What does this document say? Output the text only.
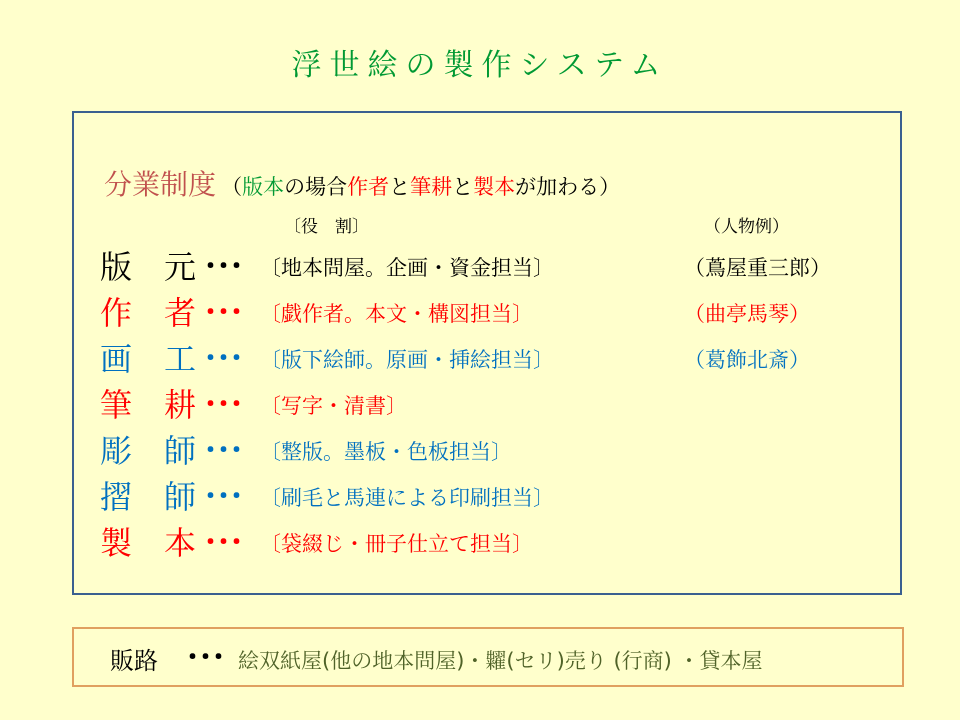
浮世絵の製作システム
分業制度 （版本の場合作者と筆耕と製本が加わる）
〔役　割〕	（人物例）
版　元 ･･･ 〔地本問屋。企画・資金担当〕	（蔦屋重三郎）
作　者 ･･･ 〔戯作者。本文・構図担当〕	（曲亭馬琴）
画　工 ･･･ 〔版下絵師。原画・挿絵担当〕	（葛飾北斎）
筆　耕 ･･･ 〔写字・清書〕
彫　師 ･･･ 〔整版。墨板・色板担当〕
摺　師 ･･･ 〔刷毛と馬連による印刷担当〕
製　本 ･･･ 〔袋綴じ・冊子仕立て担当〕
販路 ･･･ 絵双紙屋(他の地本問屋)・糶(セリ)売り (行商) ・貸本屋
